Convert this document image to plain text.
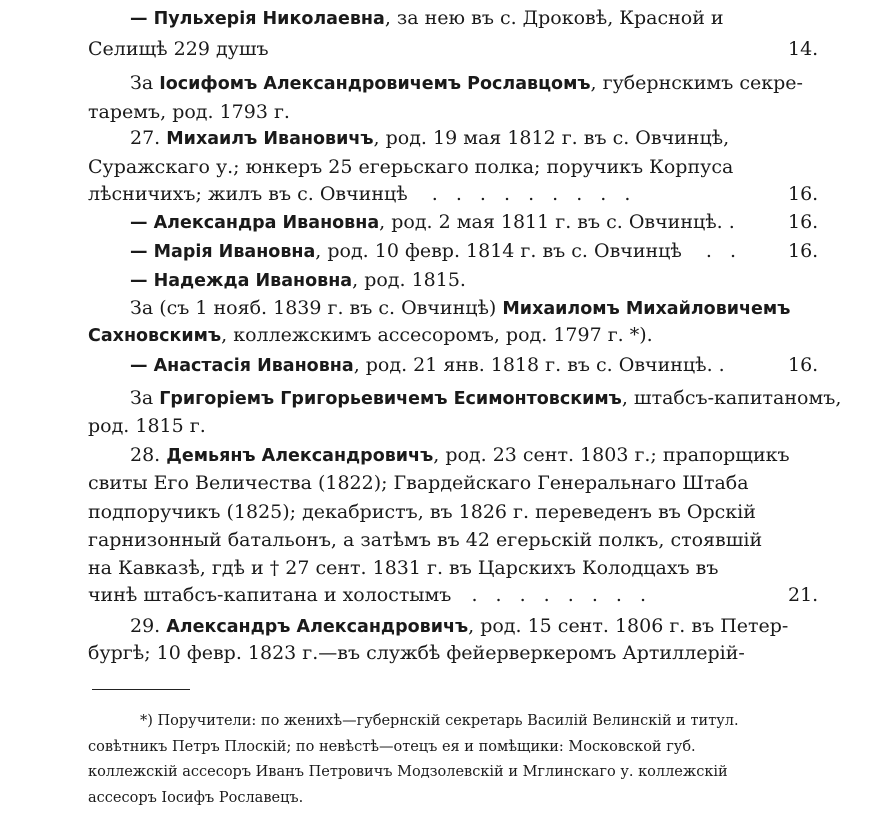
— Пульхерія Николаевна, за нею въ с. Дроковѣ, Красной и
Селищѣ 229 душъ	14.
За Іосифомъ Александровичемъ Рославцомъ, губернскимъ секре-
таремъ, род. 1793 г.
27. Михаилъ Ивановичъ, род. 19 мая 1812 г. въ с. Овчинцѣ,
Суражскаго у.; юнкеръ 25 егерьскаго полка; поручикъ Корпуса
лѣсничихъ; жилъ въ с. Овчинцѣ . . . . . . . . .	16.
— Александра Ивановна, род. 2 мая 1811 г. въ с. Овчинцѣ. .	16.
— Марія Ивановна, род. 10 февр. 1814 г. въ с. Овчинцѣ . . 16.
— Надежда Ивановна, род. 1815.
За (съ 1 нояб. 1839 г. въ с. Овчинцѣ) Михаиломъ Михайловичемъ
Сахновскимъ, коллежскимъ ассесоромъ, род. 1797 г. *).
— Анастасія Ивановна, род. 21 янв. 1818 г. въ с. Овчинцѣ. .	16.
За Григоріемъ Григорьевичемъ Есимонтовскимъ, штабсъ-капитаномъ,
род. 1815 г.
28. Демьянъ Александровичъ, род. 23 сент. 1803 г.; прапорщикъ
свиты Его Величества (1822); Гвардейскаго Генеральнаго Штаба
подпоручикъ (1825); декабристъ, въ 1826 г. переведенъ въ Орскій
гарнизонный батальонъ, а затѣмъ въ 42 егерьскій полкъ, стоявшій
на Кавказѣ, гдѣ и † 27 сент. 1831 г. въ Царскихъ Колодцахъ въ
чинѣ штабсъ-капитана и холостымъ . . . . . . . .	21.
29. Александръ Александровичъ, род. 15 сент. 1806 г. въ Петер-
бургѣ; 10 февр. 1823 г.—въ службѣ фейерверкеромъ Артиллерій-
*) Поручители: по женихѣ—губернскій секретарь Василій Велинскій и титул.
совѣтникъ Петръ Плоскій; по невѣстѣ—отецъ ея и помѣщики: Московской губ.
коллежскій ассесоръ Иванъ Петровичъ Модзолевскій и Мглинскаго у. коллежскій
ассесоръ Іосифъ Рославецъ.
